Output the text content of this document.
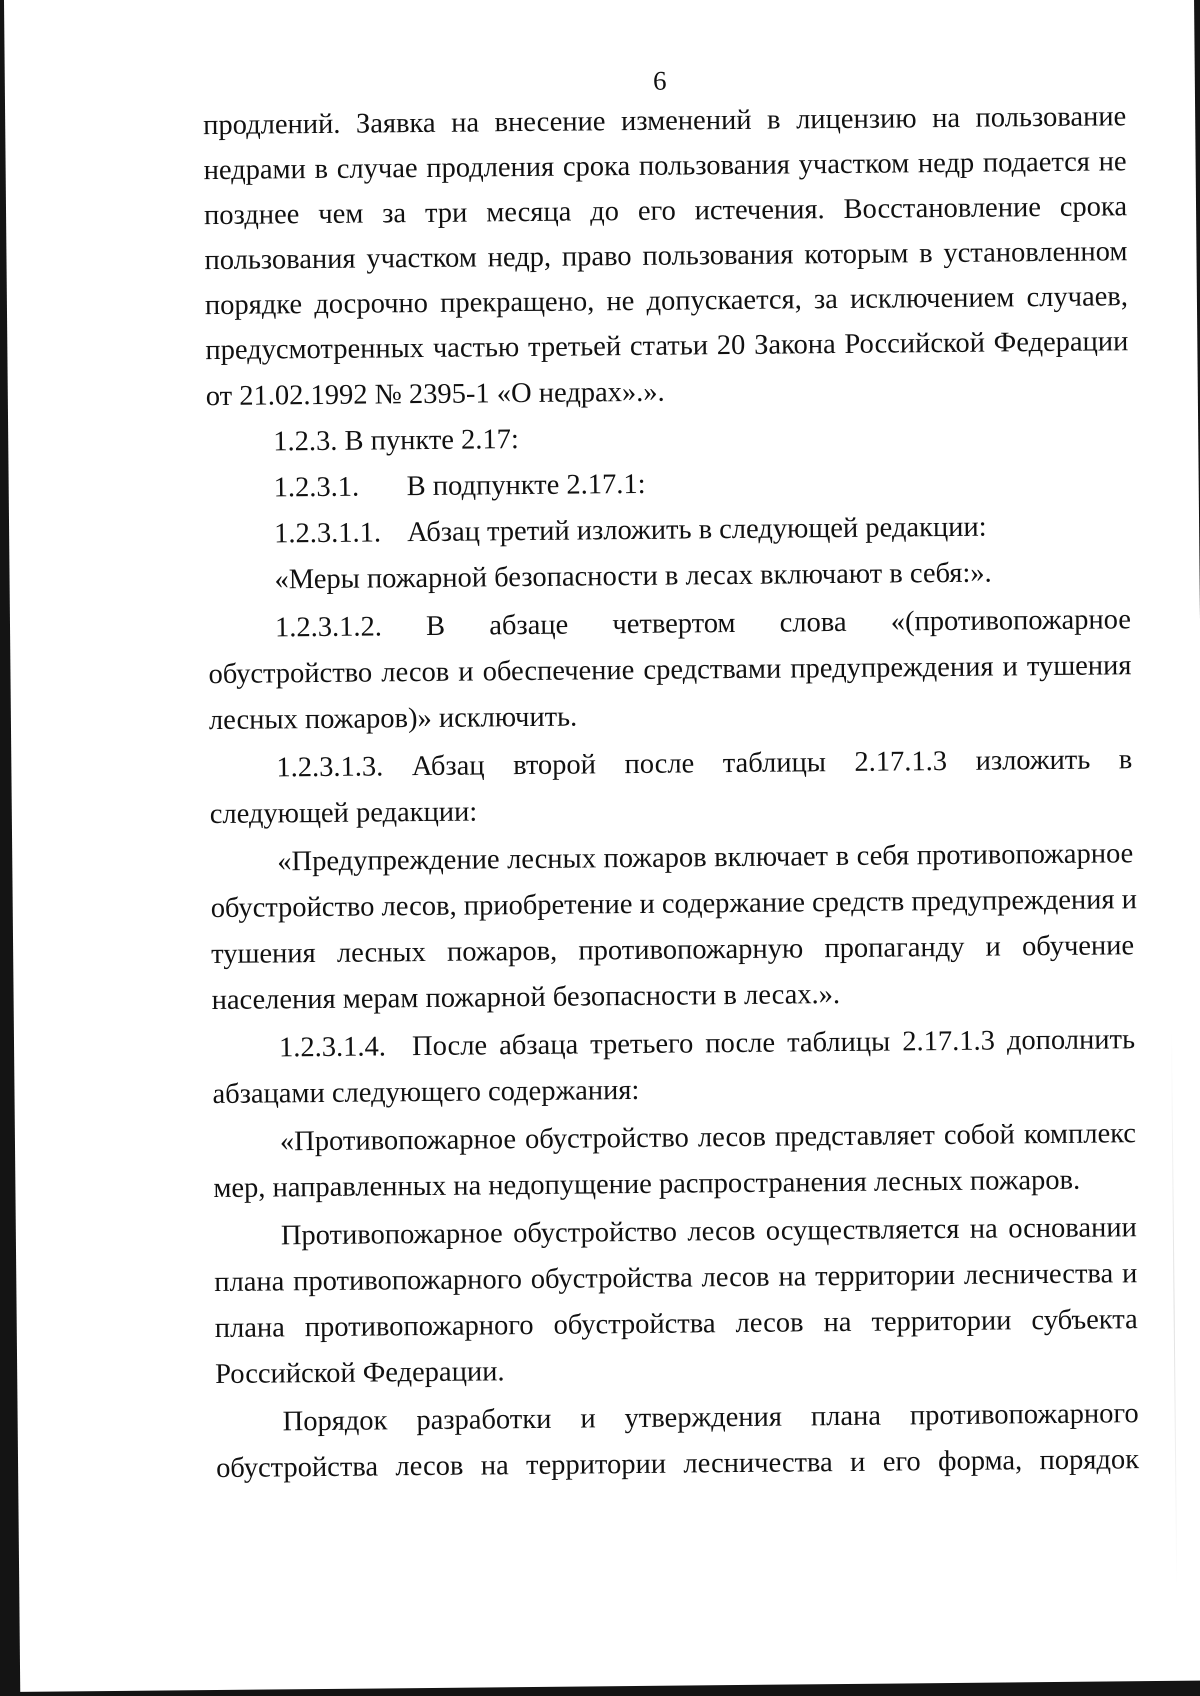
6
продлений. Заявка на внесение изменений в лицензию на пользование
недрами в случае продления срока пользования участком недр подается не
позднее чем за три месяца до его истечения. Восстановление срока
пользования участком недр, право пользования которым в установленном
порядке досрочно прекращено, не допускается, за исключением случаев,
предусмотренных частью третьей статьи 20 Закона Российской Федерации
от 21.02.1992 № 2395-1 «О недрах».».
1.2.3. В пункте 2.17:
1.2.3.1.	В подпункте 2.17.1:
1.2.3.1.1. Абзац третий изложить в следующей редакции:
«Меры пожарной безопасности в лесах включают в себя:».
1.2.3.1.2. В абзаце четвертом слова «(противопожарное
обустройство лесов и обеспечение средствами предупреждения и тушения
лесных пожаров)» исключить.
1.2.3.1.3. Абзац второй после таблицы 2.17.1.3 изложить в
следующей редакции:
«Предупреждение лесных пожаров включает в себя противопожарное
обустройство лесов, приобретение и содержание средств предупреждения и
тушения лесных пожаров, противопожарную пропаганду и обучение
населения мерам пожарной безопасности в лесах.».
1.2.3.1.4. После абзаца третьего после таблицы 2.17.1.3 дополнить
абзацами следующего содержания:
«Противопожарное обустройство лесов представляет собой комплекс
мер, направленных на недопущение распространения лесных пожаров.
Противопожарное обустройство лесов осуществляется на основании
плана противопожарного обустройства лесов на территории лесничества и
плана противопожарного обустройства лесов на территории субъекта
Российской Федерации.
Порядок разработки и утверждения плана противопожарного
обустройства лесов на территории лесничества и его форма, порядок
